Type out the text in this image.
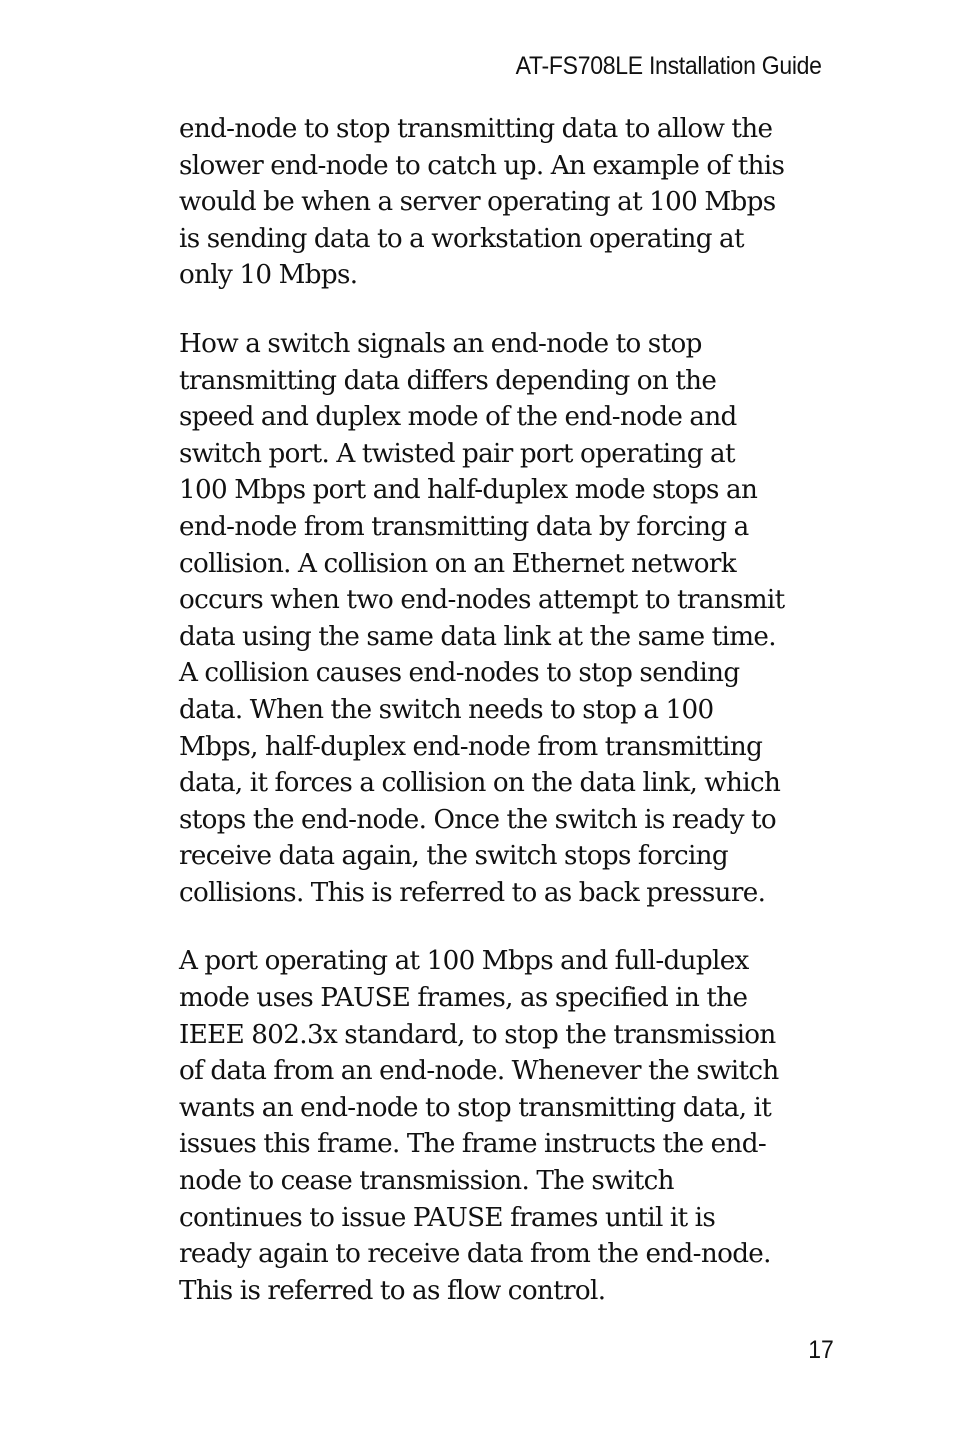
AT-FS708LE Installation Guide

end-node to stop transmitting data to allow the
slower end-node to catch up. An example of this
would be when a server operating at 100 Mbps
is sending data to a workstation operating at
only 10 Mbps.

How a switch signals an end-node to stop
transmitting data differs depending on the
speed and duplex mode of the end-node and
switch port. A twisted pair port operating at
100 Mbps port and half-duplex mode stops an
end-node from transmitting data by forcing a
collision. A collision on an Ethernet network
occurs when two end-nodes attempt to transmit
data using the same data link at the same time.
A collision causes end-nodes to stop sending
data. When the switch needs to stop a 100
Mbps, half-duplex end-node from transmitting
data, it forces a collision on the data link, which
stops the end-node. Once the switch is ready to
receive data again, the switch stops forcing
collisions. This is referred to as back pressure.

A port operating at 100 Mbps and full-duplex
mode uses PAUSE frames, as specified in the
IEEE 802.3x standard, to stop the transmission
of data from an end-node. Whenever the switch
wants an end-node to stop transmitting data, it
issues this frame. The frame instructs the end-
node to cease transmission. The switch
continues to issue PAUSE frames until it is
ready again to receive data from the end-node.
This is referred to as flow control.

17
